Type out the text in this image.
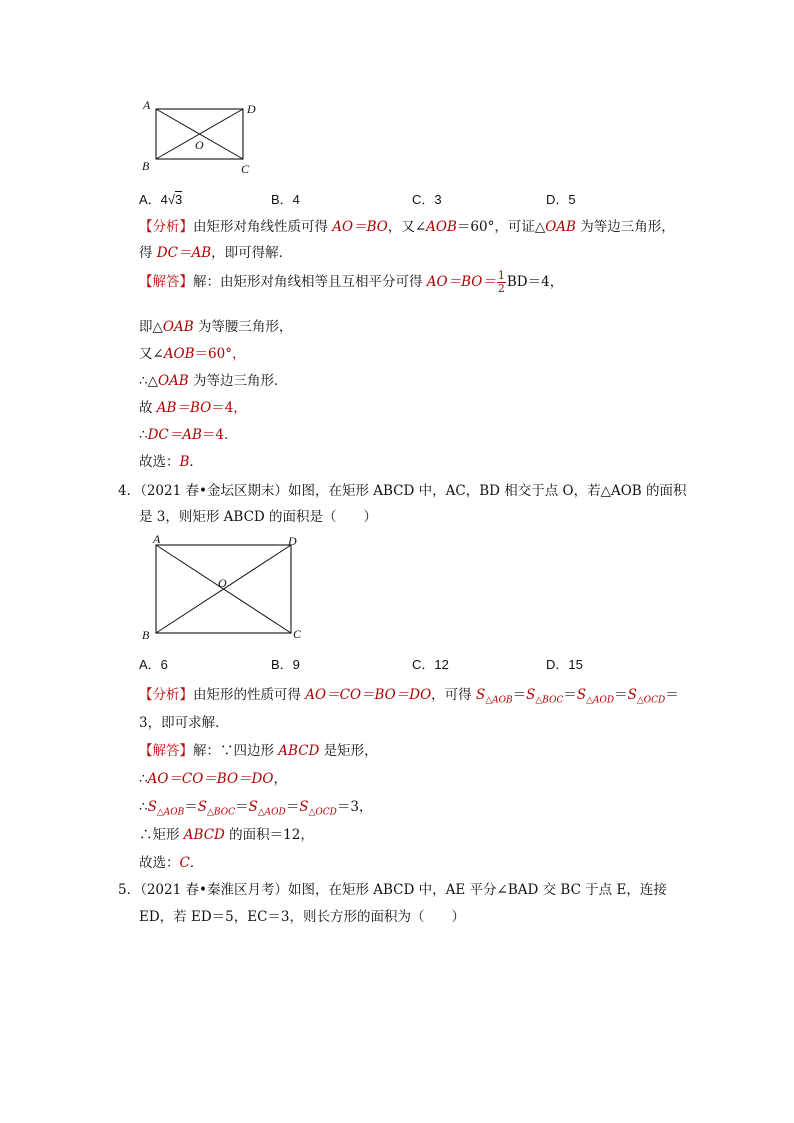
A	D
O
B	C
A．4√3	B．4	C．3	D．5
【分析】由矩形对角线性质可得 AO＝BO，又∠AOB＝60°，可证△OAB 为等边三角形，
得 DC＝AB，即可得解．
【解答】解：由矩形对角线相等且互相平分可得 $AO=BO= \frac{1}{2} BD=4$，
即△OAB 为等腰三角形，
又∠AOB＝60°，
∴△OAB 为等边三角形．
故 AB＝BO＝4，
∴DC＝AB＝4．
故选：B．
4．（2021 春•金坛区期末）如图，在矩形 ABCD 中，AC，BD 相交于点 O，若△AOB 的面积
是 3，则矩形 ABCD 的面积是（　　）
A	D
O
B	C
A．6	B．9	C．12	D．15
【分析】由矩形的性质可得 AO＝CO＝BO＝DO，可得 $S_{\triangle AOB}=S_{\triangle BOC}=S_{\triangle AOD}=S_{\triangle OCD}=$
3，即可求解．
【解答】解：∵四边形 ABCD 是矩形，
∴AO＝CO＝BO＝DO，
$\therefore S_{\triangle AOB}=S_{\triangle BOC}=S_{\triangle AOD}=S_{\triangle OCD}=3$，
∴矩形 ABCD 的面积＝12，
故选：C．
5．（2021 春•秦淮区月考）如图，在矩形 ABCD 中，AE 平分∠BAD 交 BC 于点 E，连接
ED，若 ED＝5，EC＝3，则长方形的面积为（　　）
